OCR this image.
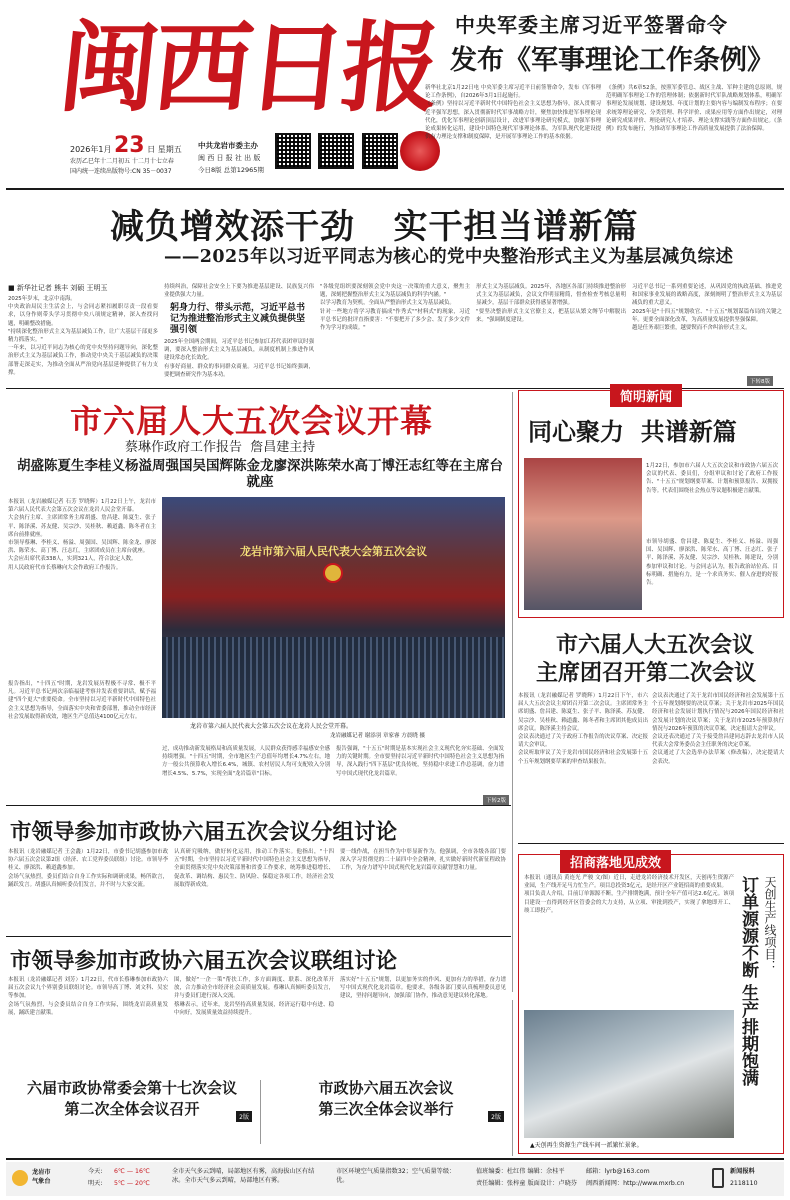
闽西日报
2026年1月 23 日 星期五
农历乙巳年十二月初五 十二月十七立春
国内统一连续出版物号:CN 35－0037
中共龙岩市委主办
闽 西 日 报 社 出 版
今日8版 总第12965期
中央军委主席习近平签署命令
发布《军事理论工作条例》
新华社北京1月22日电 中央军委主席习近平日前签署命令，发布《军事理论工作条例》，自2026年3月1日起施行。
《条例》坚持以习近平新时代中国特色社会主义思想为指导，深入贯彻习近平强军思想，深入贯彻新时代军事战略方针，聚焦加快推进军事理论现代化，优化军事理论创新顶层设计，改进军事理论研究模式，加强军事理论成果转化运用，建设中国特色现代军事理论体系，为军队现代化建设提供有力理论支撑和制度保障，是开展军事理论工作的基本依据。
《条例》共6章52条，按照军委管总、战区主战、军种主建的总原则，规范明确军事理论工作的管理体制；依据新时代军队战略规划体系，明确军事理论发展规划、建设规划、年度计划的主要内容与编制发布程序；在要求统筹理论研究、分类管理、科学评价、成果应用等方面作出规定，对理论研究成果评价、理论研究人才培养、理论支撑实践等方面作出规定。《条例》的发布施行，为推动军事理论工作高质量发展提供了法治保障。
减负增效添干劲   实干担当谱新篇
——2025年以习近平同志为核心的党中央整治形式主义为基层减负综述
■ 新华社记者 熊丰 刘硕 王明玉
2025年岁末，北京中南海。
中央政治局民主生活会上，与会同志紧扣履职尽责一段看要求，以身作则带头学习贯彻中央八项规定精神，深入查找问题，明确整改措施。
"持续深化整治形式主义为基层减负工作，让广大基层干部更多精力抓落实。"
一年来，以习近平同志为核心的党中央坚持问题导向，深化整治形式主义为基层减负工作，推动党中央关于基层减负的决策部署走深走实，为推动全面从严治党向基层延伸提供了有力支撑。
持续纠治，保障社会安全上下要为推进基层建设、民族复兴伟业提供强大力量。
躬身力行、带头示范，习近平总书记为推进整治形式主义减负提供坚强引领
2025年全国两会期间，习近平总书记参加江苏代表团审议时强调，要深入整治形式主义为基层减负，从制度机制上推进作风建设常态化长效化。
有事好商量、群众的事同群众商量。习近平总书记始终强调，要把调查研究作为基本功。
"各级党组织要深刻领会党中央这一决策的重大意义，聚焦主题，深刻把握整治形式主义为基层减负的科学内涵。"
以学习教育为契机，全面从严整治形式主义为基层减负。
针对一些地方将学习教育搞成"作秀式""材料式"的现象，习近平总书记的批评直指要害："不要把开了多少会、发了多少文件作为学习的成绩。"
形式主义为基层减负。2025年，各地区各部门持续推进整治形式主义为基层减负，会议文件明显精简，督查检查考核总量明显减少，基层干部群众获得感显著增强。
"要坚决整治形式主义官僚主义，把基层从繁文缛节中解脱出来。"强调制度建设。
习近平总书记一系列重要论述，从巩固党的执政基础、推进党和国家事业发展的战略高度，深刻阐明了整治形式主义为基层减负的重大意义。
2025年是"十四五"规划收官、"十五五"规划谋篇布局的关键之年。更要全面深化改革，为高质量发展提供坚强保障。
越是任务艰巨繁重，越要锲而不舍纠治形式主义。
下转8版
市六届人大五次会议开幕
蔡琳作政府工作报告  詹昌建主持
胡盛陈夏生李桂义杨溢周强国吴国辉陈金龙廖深洪陈荣水高丁博汪志红等在主席台就座
本报讯（龙岩融媒记者 石芳 罗晓辉）1月22日上午，龙岩市第六届人民代表大会第五次会议在龙岩人民会堂开幕。
大会执行主席、主席团常务主席胡盛、詹昌建、陈夏生、张子平、陈泽溪、苏友健、吴宗沙、吴桂秋、赖道鑫、陈冬者在主席台前排就座。
市领导蔡琳、李桂义、杨溢、周强国、吴国辉、陈金龙、廖深洪、陈荣水、高丁博、汪志红，主席团成员在主席台就座。
大会应出席代表338人，实到321人，符合法定人数。
用人民政府代市长蔡琳向大会作政府工作报告。
报告指出，"十四五"时期，龙岩发展历程极不寻常、极不平凡。习近平总书记两次亲临福建考察并发表重要讲话，赋予福建"四个更大"重要使命。全市坚持以习近平新时代中国特色社会主义思想为指导，全面落实中央和省委部署，推动全市经济社会发展取得新成效，地区生产总值达4100亿元左右。
龙岩市第六届人民代表大会第五次会议
龙岩市第六届人民代表大会第五次会议在龙岩人民会堂开幕。
龙岩融媒记者 谢添羽 章家睿 方晨晓 摄
过，成功推动新发展格局和高质量发展，人民群众获得感幸福感安全感持续增强。"十四五"时期，全市地区生产总值年均增长4.7%左右，地方一般公共预算收入增长6.4%，城镇、农村居民人均可支配收入分别增长4.5%、5.7%，实现全面"龙岩篇章"目标。
报告强调，"十五五"时期是基本实现社会主义现代化夯实基础、全面发力的关键时期。全市要坚持以习近平新时代中国特色社会主义思想为指导，深入践行"四下基层"优良传统，坚持稳中求进工作总基调，奋力谱写中国式现代化龙岩篇章。
下转2版
简明新闻
同心聚力  共谱新篇
1月22日，参加市六届人大五次会议和市政协六届五次会议的代表、委员们，分组审议和讨论了政府工作报告、"十五五"规划纲要草案、计划和预算报告、双拥报告等。代表们围绕社会热点等议题积极建言献策。
市领导胡盛、詹昌建、陈夏生、李桂义、杨溢、周强国、吴国辉、廖深洪、陈荣水、高丁博、汪志红、张子平、陈泽溪、苏友健、吴宗沙、吴桂秋、陈建设，分别参加审议和讨论。与会同志认为，报告政治站位高、目标明确、措施有力，是一个求真务实、催人奋进的好报告。
市六届人大五次会议
主席团召开第二次会议
本报讯（龙岩融媒记者 罗晓辉）1月22日下午，市六届人大五次会议主席团召开第二次会议。主席团常务主席胡盛、詹昌建、陈夏生、张子平、陈泽溪、苏友健、吴宗沙、吴桂秋、赖道鑫、陈冬者和主席团其他成员出席会议。陈泽溪主持会议。
会议表决通过了关于政府工作报告的决议草案、决定报请大会审议。
会议听取审议了关于龙岩市国民经济和社会发展第十五个五年规划纲要草案的审查结果报告。
会议表决通过了关于龙岩市国民经济和社会发展第十五个五年规划纲要的决议草案；关于龙岩市2025年国民经济和社会发展计划执行情况与2026年国民经济和社会发展计划的决议草案；关于龙岩市2025年预算执行情况与2026年预算的决议草案，决定报请大会审议。
会议还表决通过了关于接受詹昌建同志辞去龙岩市人民代表大会常务委员会主任职务的决定草案。
会议通过了大会选举办法草案（修改稿），决定提请大会表决。
市领导参加市政协六届五次会议分组讨论
本报讯（龙岩融媒记者 王会鑫）1月22日，市委书记胡盛参加市政协六届五次会议第2组（经济、农工党界委员联组）讨论。市领导李桂义、廖深洪、赖道鑫参加。
会场气氛热烈，委员们结合自身工作实际和调研成果，畅所欲言，踊跃发言。胡盛认真倾听委员们发言，并不时与大家交流。
认真研究吸纳，做好转化运用，推动工作落实。他指出，"十四五"时期，全市坚持以习近平新时代中国特色社会主义思想为指导，全面贯彻落实党中央决策部署和省委工作要求，统筹推进稳增长、促改革、调结构、惠民生、防风险、保稳定各项工作，经济社会发展取得新成效。
要一线作战，在担当作为中彰显新作为。他强调，全市各级各部门要深入学习贯彻党的二十届四中全会精神，扎实做好新时代新征程政协工作，为奋力谱写中国式现代化龙岩篇章贡献智慧和力量。
市领导参加市政协六届五次会议联组讨论
本报讯（龙岩融媒记者 刘芳）1月22日，代市长蔡琳参加市政协六届五次会议九个界别委员联组讨论。市领导高丁博、刘文科、吴宏等参加。
会场气氛热烈，与会委员结合自身工作实际，围绕龙岩高质量发展，踊跃建言献策。
围，做好"一企一策"帮扶工作，多方面调度、联系、深化改革开放，合力推动全市经济社会高质量发展。蔡琳认真倾听委员发言，并与委员们进行深入交流。
蔡琳表示，近年来，龙岩坚持高质量发展，经济运行稳中有进、稳中向好，发展质量效益持续提升。
落实好"十五五"规划，以更加务实的作风、更加有力的举措，奋力谱写中国式现代化龙岩篇章。他要求，各级各部门要认真梳理委员意见建议，坚持问题导向，加强部门协作，推动意见建议转化落地。
招商落地见成效
本报讯（通讯员 黄连光 严骏 文/图）近日，走进龙岩经济技术开发区，天创再生资源产业园，生产线开足马力忙生产。项目总投资3亿元，是经开区产业链招商的重要成果。
项目负责人介绍，目前订单源源不断，生产排期饱满，预计全年产值可达2.6亿元。该项目建设一直得到经开区管委会的大力支持，从立项、审批到投产，实现了拿地即开工、竣工即投产。	订单源源不断 生产排期饱满 天创生产线项目：
▲天创再生资源生产线车间一派繁忙景象。
六届市政协常委会第十七次会议
第二次全体会议召开	2版
市政协六届五次会议
第三次全体会议举行	2版
龙岩市
气象台
今天: 6℃ — 16℃
明天: 5℃ — 20℃
全市天气多云到晴，局部地区有雾，高海拔山区有结冰。全市天气多云到晴，局部地区有雾。
市区环境空气质量指数32；空气质量等级：优。
值班编委：杜红伟 编辑：余桂平
责任编辑：张梓童 版面设计：卢晓芬
邮箱：lyrb@163.com
闽西新闻网：http://www.mxrb.cn
新闻报料
2118110
